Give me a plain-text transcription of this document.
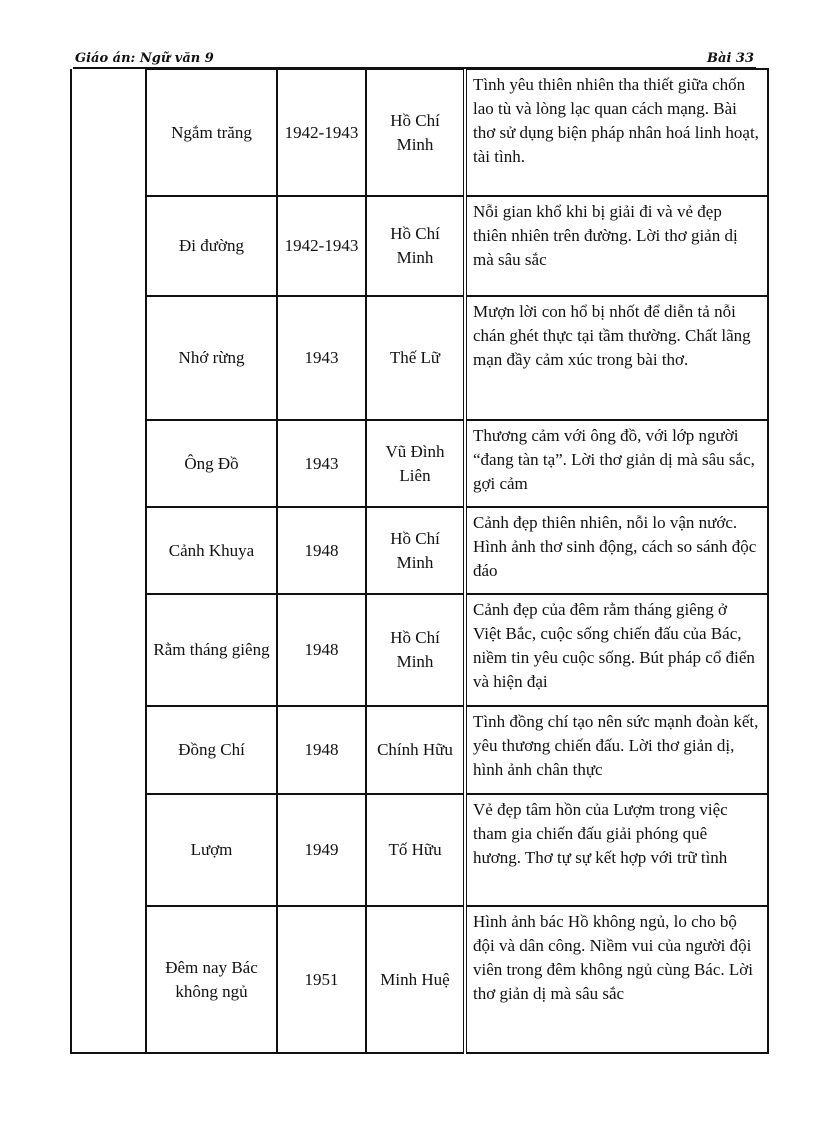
Giáo án: Ngữ văn 9	Bài 33
	Ngắm trăng	1942-1943	Hồ Chí Minh	Tình yêu thiên nhiên tha thiết giữa chốn lao tù và lòng lạc quan cách mạng. Bài thơ sử dụng biện pháp nhân hoá linh hoạt, tài tình.
	Đi đường	1942-1943	Hồ Chí Minh	Nỗi gian khổ khi bị giải đi và vẻ đẹp thiên nhiên trên đường. Lời thơ giản dị mà sâu sắc
	Nhớ rừng	1943	Thế Lữ	Mượn lời con hổ bị nhốt để diễn tả nỗi chán ghét thực tại tầm thường. Chất lãng mạn đầy cảm xúc trong bài thơ.
	Ông Đồ	1943	Vũ Đình Liên	Thương cảm với ông đồ, với lớp người “đang tàn tạ”. Lời thơ giản dị mà sâu sắc, gợi cảm
	Cảnh Khuya	1948	Hồ Chí Minh	Cảnh đẹp thiên nhiên, nỗi lo vận nước. Hình ảnh thơ sinh động, cách so sánh độc đáo
	Rằm tháng giêng	1948	Hồ Chí Minh	Cảnh đẹp của đêm rằm tháng giêng ở Việt Bắc, cuộc sống chiến đấu của Bác, niềm tin yêu cuộc sống. Bút pháp cổ điển và hiện đại
	Đồng Chí	1948	Chính Hữu	Tình đồng chí tạo nên sức mạnh đoàn kết, yêu thương chiến đấu. Lời thơ giản dị, hình ảnh chân thực
	Lượm	1949	Tố Hữu	Vẻ đẹp tâm hồn của Lượm trong việc tham gia chiến đấu giải phóng quê hương. Thơ tự sự kết hợp với trữ tình
	Đêm nay Bác không ngủ	1951	Minh Huệ	Hình ảnh bác Hồ không ngủ, lo cho bộ đội và dân công. Niềm vui của người đội viên trong đêm không ngủ cùng Bác. Lời thơ giản dị mà sâu sắc
